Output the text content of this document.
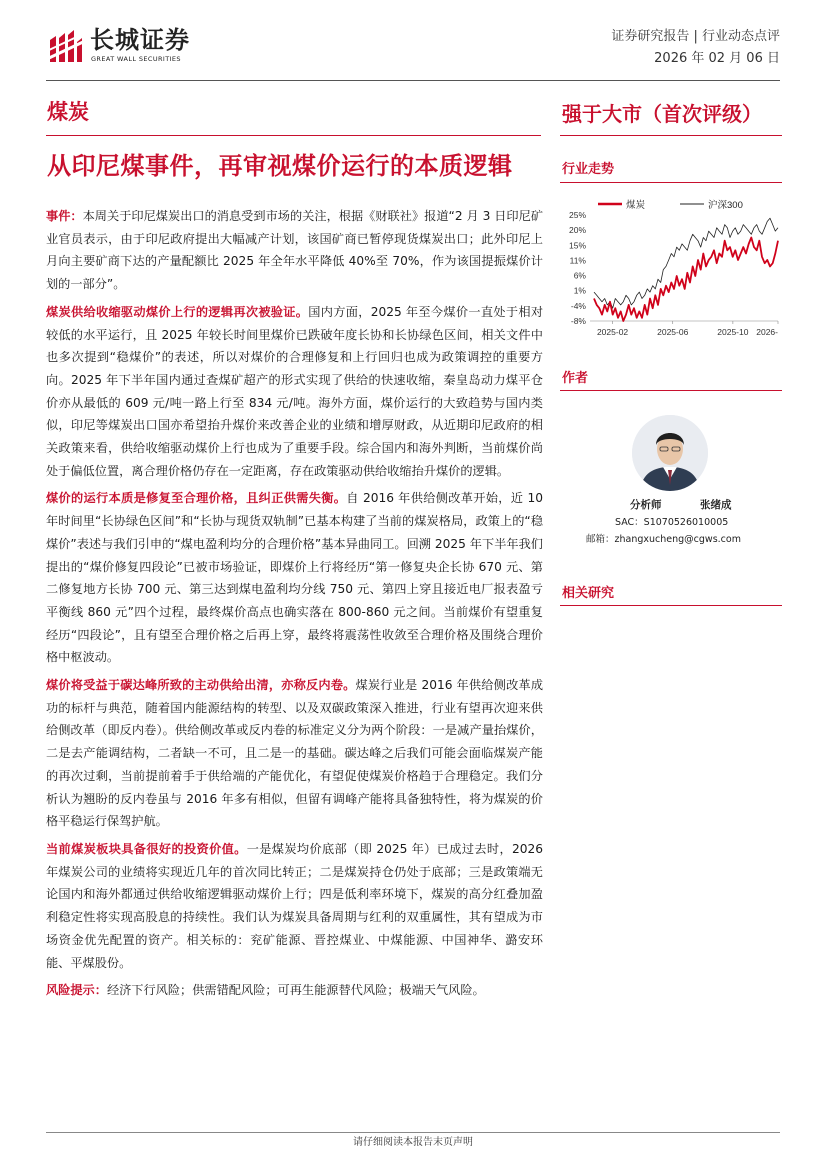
长城证券
GREAT WALL SECURITIES
证券研究报告 | 行业动态点评
2026 年 02 月 06 日
煤炭	强于大市（首次评级）
从印尼煤事件，再审视煤价运行的本质逻辑

事件：本周关于印尼煤炭出口的消息受到市场的关注，根据《财联社》报道“2 月 3 日印尼矿业官员表示，由于印尼政府提出大幅减产计划，该国矿商已暂停现货煤炭出口；此外印尼上月向主要矿商下达的产量配额比 2025 年全年水平降低 40%至 70%，作为该国提振煤价计划的一部分”。

煤炭供给收缩驱动煤价上行的逻辑再次被验证。国内方面，2025 年至今煤价一直处于相对较低的水平运行，且 2025 年较长时间里煤价已跌破年度长协和长协绿色区间，相关文件中也多次提到“稳煤价”的表述，所以对煤价的合理修复和上行回归也成为政策调控的重要方向。2025 年下半年国内通过查煤矿超产的形式实现了供给的快速收缩，秦皇岛动力煤平仓价亦从最低的 609 元/吨一路上行至 834 元/吨。海外方面，煤价运行的大致趋势与国内类似，印尼等煤炭出口国亦希望抬升煤价来改善企业的业绩和增厚财政，从近期印尼政府的相关政策来看，供给收缩驱动煤价上行也成为了重要手段。综合国内和海外判断，当前煤价尚处于偏低位置，离合理价格仍存在一定距离，存在政策驱动供给收缩抬升煤价的逻辑。

煤价的运行本质是修复至合理价格，且纠正供需失衡。自 2016 年供给侧改革开始，近 10 年时间里“长协绿色区间”和“长协与现货双轨制”已基本构建了当前的煤炭格局，政策上的“稳煤价”表述与我们引申的“煤电盈利均分的合理价格”基本异曲同工。回溯 2025 年下半年我们提出的“煤价修复四段论”已被市场验证，即煤价上行将经历“第一修复央企长协 670 元、第二修复地方长协 700 元、第三达到煤电盈利均分线 750 元、第四上穿且接近电厂报表盈亏平衡线 860 元”四个过程，最终煤价高点也确实落在 800-860 元之间。当前煤价有望重复经历“四段论”，且有望至合理价格之后再上穿，最终将震荡性收敛至合理价格及围绕合理价格中枢波动。

煤价将受益于碳达峰所致的主动供给出清，亦称反内卷。煤炭行业是 2016 年供给侧改革成功的标杆与典范，随着国内能源结构的转型、以及双碳政策深入推进，行业有望再次迎来供给侧改革（即反内卷）。供给侧改革或反内卷的标准定义分为两个阶段：一是减产量抬煤价，二是去产能调结构，二者缺一不可，且二是一的基础。碳达峰之后我们可能会面临煤炭产能的再次过剩，当前提前着手于供给端的产能优化，有望促使煤炭价格趋于合理稳定。我们分析认为翘盼的反内卷虽与 2016 年多有相似，但留有调峰产能将具备独特性，将为煤炭的价格平稳运行保驾护航。

当前煤炭板块具备很好的投资价值。一是煤炭均价底部（即 2025 年）已成过去时，2026 年煤炭公司的业绩将实现近几年的首次同比转正；二是煤炭持仓仍处于底部；三是政策端无论国内和海外都通过供给收缩逻辑驱动煤价上行；四是低利率环境下，煤炭的高分红叠加盈利稳定性将实现高股息的持续性。我们认为煤炭具备周期与红利的双重属性，其有望成为市场资金优先配置的资产。相关标的：兖矿能源、晋控煤业、中煤能源、中国神华、潞安环能、平煤股份。

风险提示：经济下行风险；供需错配风险；可再生能源替代风险；极端天气风险。

行业走势
25%
20%
15%
11%
6%
1%
-4%
-8%
2025-02	2025-06	2025-10 2026-
煤炭	沪深300
作者
分析师	张绪成
SAC：S1070526010005
邮箱：zhangxucheng@cgws.com
相关研究
请仔细阅读本报告末页声明
